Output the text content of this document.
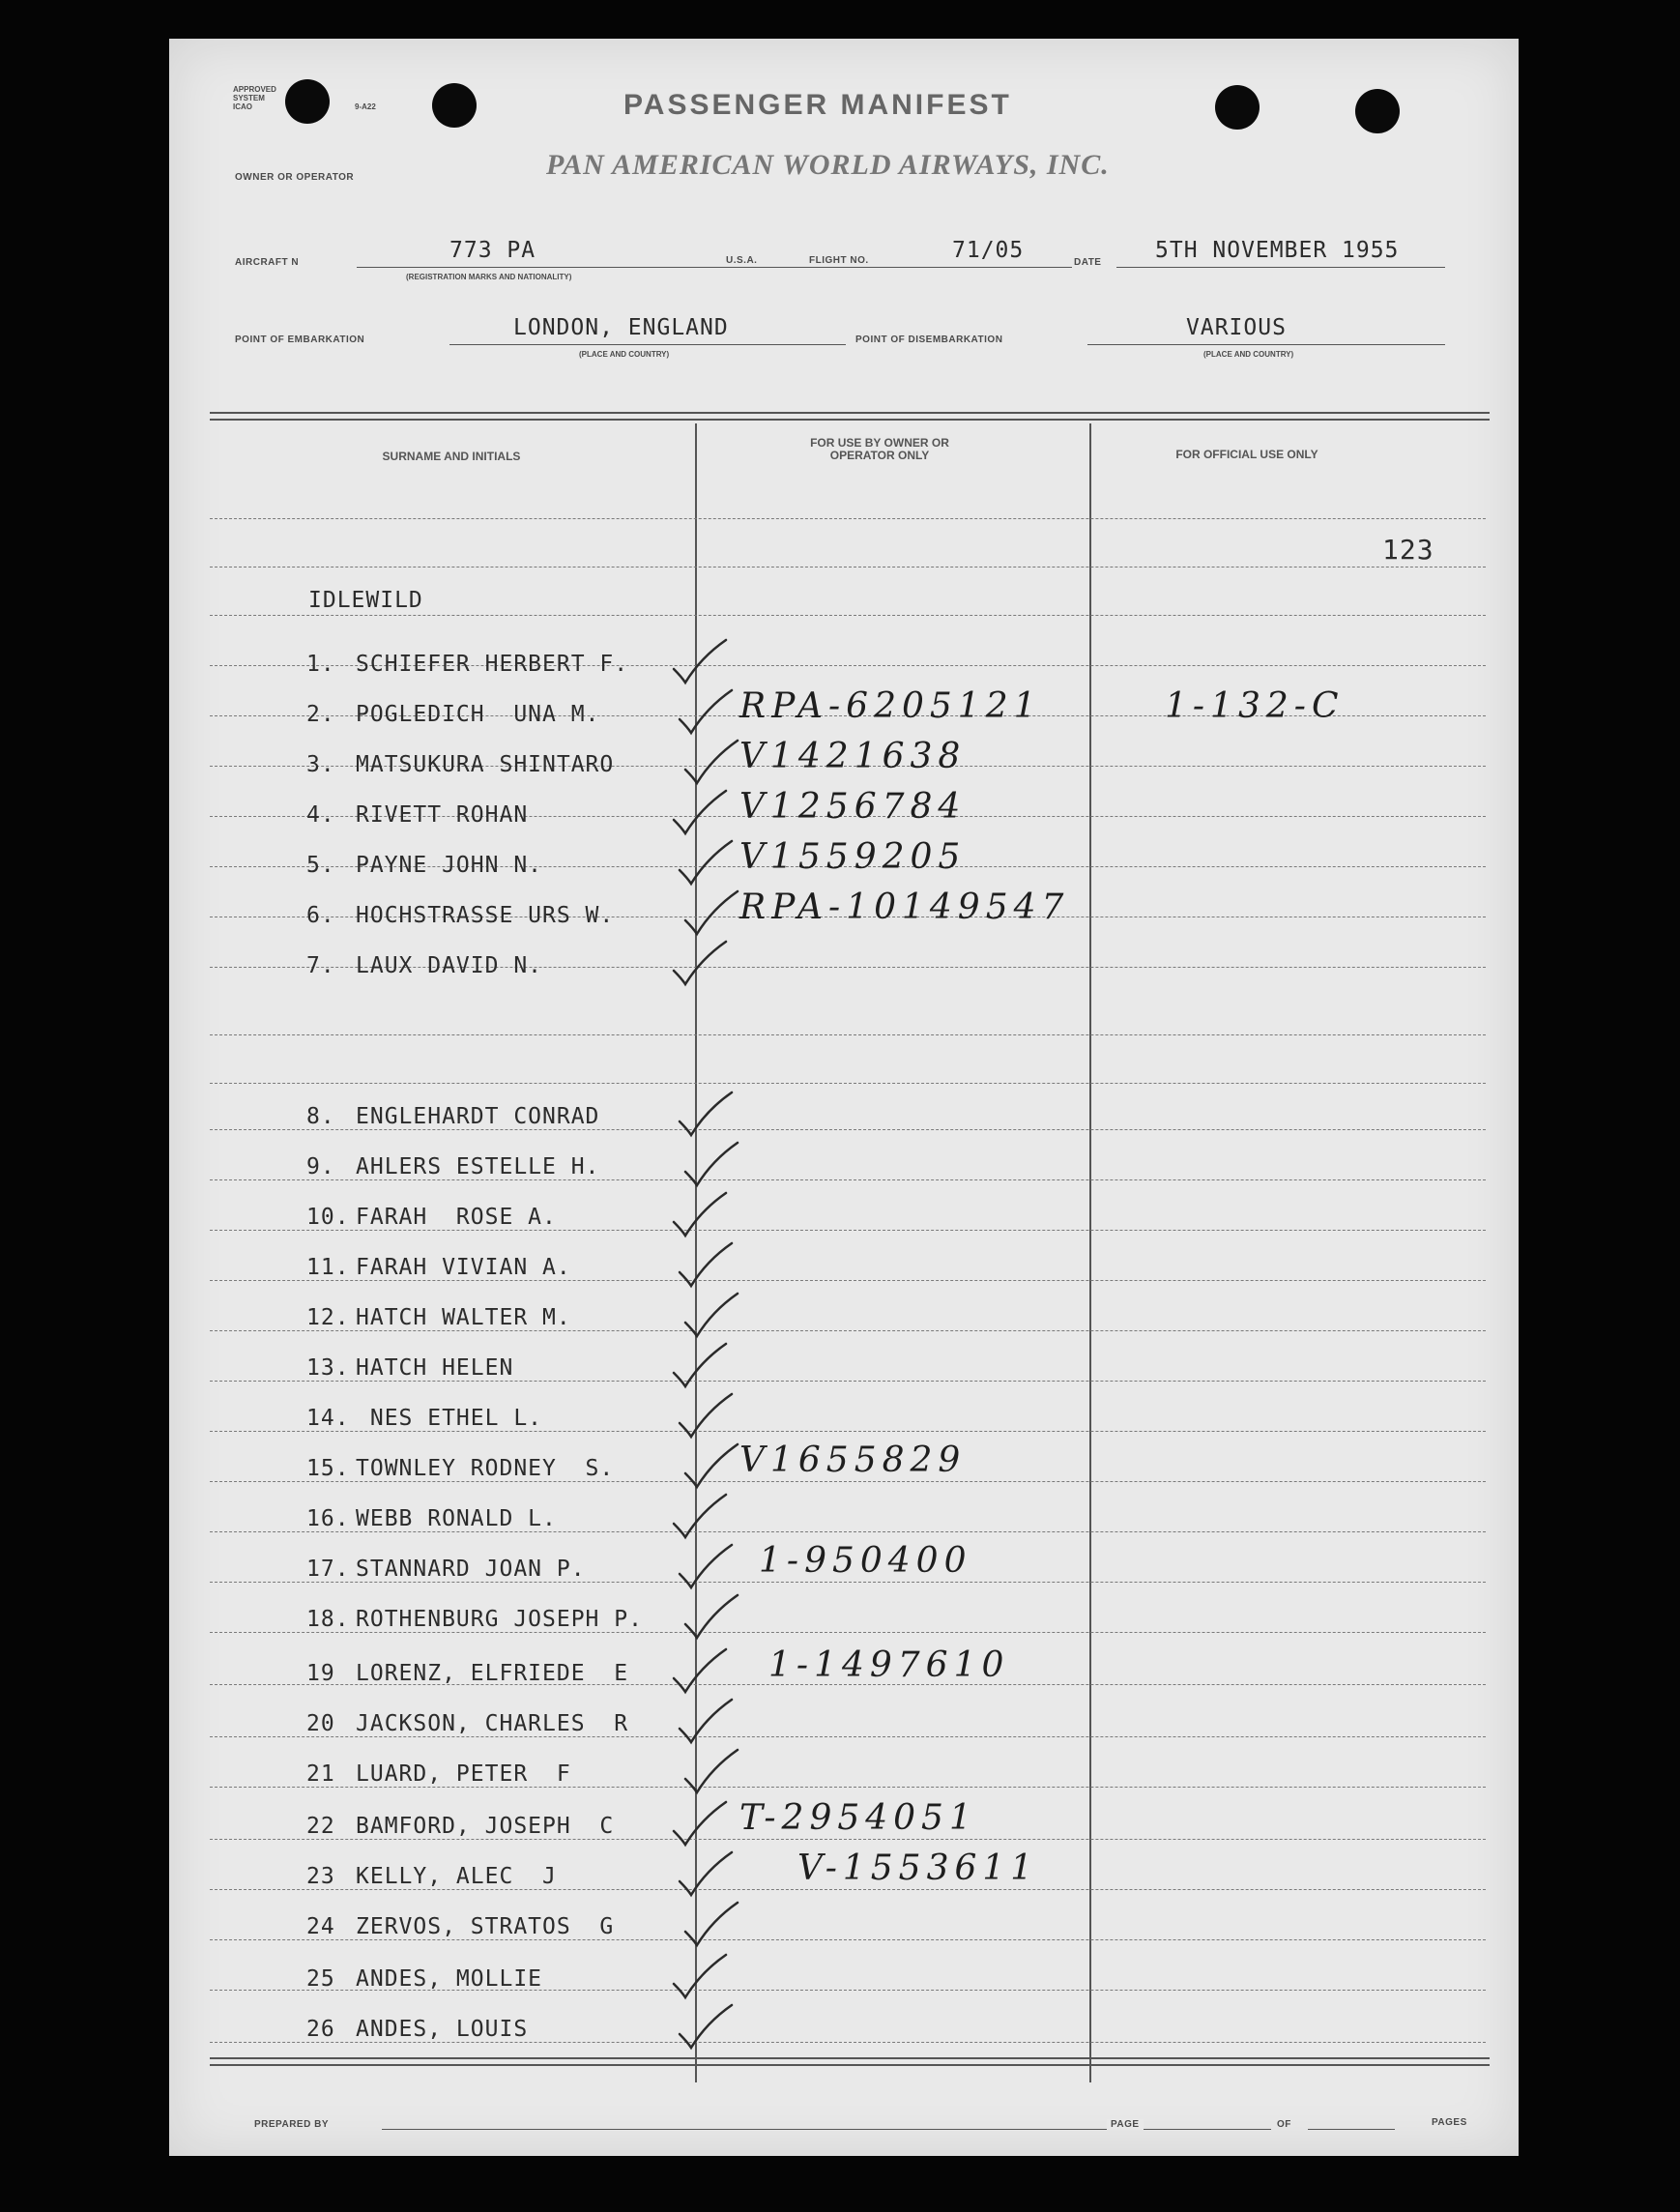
APPROVED
SYSTEM
ICAO	9-A22	PASSENGER MANIFEST
OWNER OR OPERATOR	PAN AMERICAN WORLD AIRWAYS, INC.
AIRCRAFT N	773 PA
(REGISTRATION MARKS AND NATIONALITY)
U.S.A.	FLIGHT NO.	71/05	DATE 5TH NOVEMBER 1955
POINT OF EMBARKATION	LONDON, ENGLAND
(PLACE AND COUNTRY)
POINT OF DISEMBARKATION	VARIOUS
(PLACE AND COUNTRY)
SURNAME AND INITIALS
FOR USE BY OWNER OR OPERATOR ONLY	FOR OFFICIAL USE ONLY
123
IDLEWILD
1. SCHIEFER HERBERT F.
2. POGLEDICH  UNA M.	RPA-6205121	1-132-C
3. MATSUKURA SHINTARO	V1421638
4. RIVETT ROHAN	V1256784
5. PAYNE JOHN N.	V1559205
6. HOCHSTRASSE URS W.	RPA-10149547
7. LAUX DAVID N.
8. ENGLEHARDT CONRAD
9. AHLERS ESTELLE H.
10. FARAH  ROSE A.
11. FARAH VIVIAN A.
12. HATCH WALTER M.
13. HATCH HELEN
14. NES ETHEL L.
15. TOWNLEY RODNEY  S.	V1655829
16. WEBB RONALD L.
17. STANNARD JOAN P.	1-950400
18. ROTHENBURG JOSEPH P.
19 LORENZ, ELFRIEDE  E	1-1497610
20 JACKSON, CHARLES  R
21 LUARD, PETER  F
22 BAMFORD, JOSEPH  C	T-2954051
23 KELLY, ALEC  J	V-1553611
24 ZERVOS, STRATOS  G
25 ANDES, MOLLIE
26 ANDES, LOUIS
PREPARED BY	PAGE	OF	PAGES
